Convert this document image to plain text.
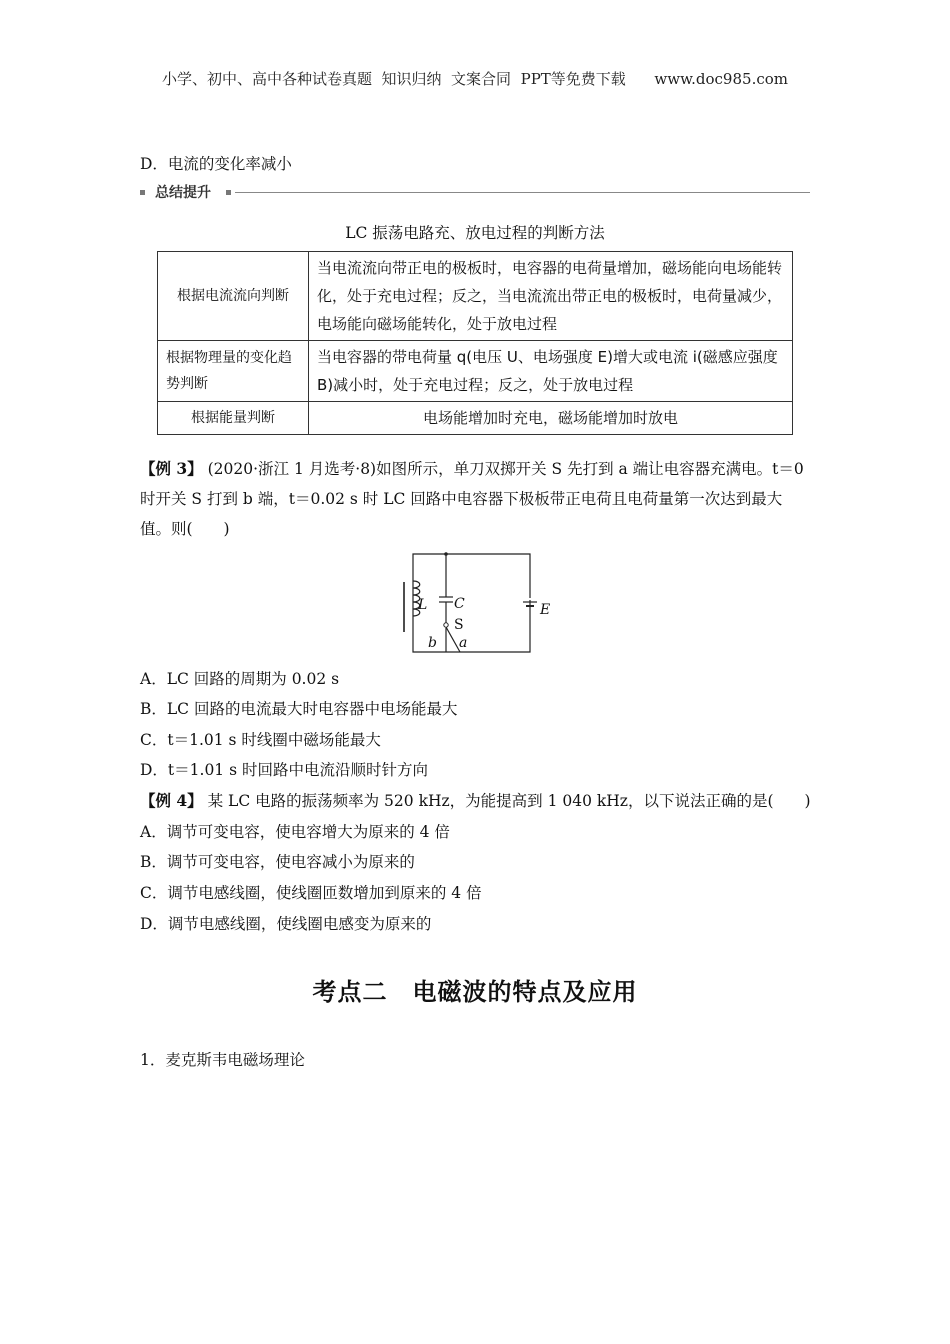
小学、初中、高中各种试卷真题  知识归纳  文案合同  PPT等免费下载      www.doc985.com
D．电流的变化率减小
总结提升
LC 振荡电路充、放电过程的判断方法
根据电流流向判断	当电流流向带正电的极板时，电容器的电荷量增加，磁场能向电场能转化，处于充电过程；反之，当电流流出带正电的极板时，电荷量减少，电场能向磁场能转化，处于放电过程
根据物理量的变化趋势判断	当电容器的带电荷量 q(电压 U、电场强度 E)增大或电流 i(磁感应强度 B)减小时，处于充电过程；反之，处于放电过程
根据能量判断	电场能增加时充电，磁场能增加时放电
【例 3】 (2020·浙江 1 月选考·8)如图所示，单刀双掷开关 S 先打到 a 端让电容器充满电。t＝0 时开关 S 打到 b 端，t＝0.02 s 时 LC 回路中电容器下极板带正电荷且电荷量第一次达到最大值。则(　　)
L C	E
b a
S
A．LC 回路的周期为 0.02 s
B．LC 回路的电流最大时电容器中电场能最大
C．t＝1.01 s 时线圈中磁场能最大
D．t＝1.01 s 时回路中电流沿顺时针方向
【例 4】 某 LC 电路的振荡频率为 520 kHz，为能提高到 1 040 kHz，以下说法正确的是(　　)
A．调节可变电容，使电容增大为原来的 4 倍
B．调节可变电容，使电容减小为原来的
C．调节电感线圈，使线圈匝数增加到原来的 4 倍
D．调节电感线圈，使线圈电感变为原来的
考点二　电磁波的特点及应用
1．麦克斯韦电磁场理论
